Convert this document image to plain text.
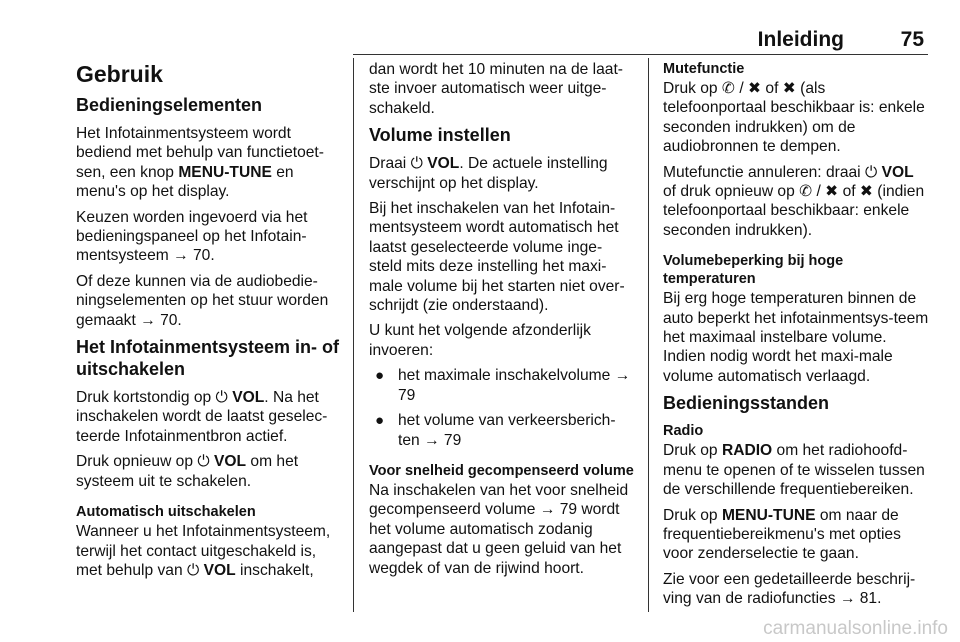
Inleiding	75
Gebruik
Bedieningselementen

Het Infotainmentsysteem wordt bediend met behulp van functietoet-sen, een knop MENU-TUNE en menu's op het display.

Keuzen worden ingevoerd via het bedieningspaneel op het Infotain-mentsysteem → 70.

Of deze kunnen via de audiobedie-ningselementen op het stuur worden gemaakt → 70.

Het Infotainmentsysteem in- of uitschakelen

Druk kortstondig op ⏻ VOL. Na het inschakelen wordt de laatst geselec-teerde Infotainmentbron actief.

Druk opnieuw op ⏻ VOL om het systeem uit te schakelen.

Automatisch uitschakelen

Wanneer u het Infotainmentsysteem, terwijl het contact uitgeschakeld is, met behulp van ⏻ VOL inschakelt,

dan wordt het 10 minuten na de laat-ste invoer automatisch weer uitge-schakeld.

Volume instellen

Draai ⏻ VOL. De actuele instelling verschijnt op het display.

Bij het inschakelen van het Infotain-mentsysteem wordt automatisch het laatst geselecteerde volume inge-steld mits deze instelling het maxi-male volume bij het starten niet over-schrijdt (zie onderstaand).

U kunt het volgende afzonderlijk invoeren:

● het maximale inschakelvolume → 79
● het volume van verkeersberich-ten → 79
Voor snelheid gecompenseerd volume

Na inschakelen van het voor snelheid gecompenseerd volume → 79 wordt het volume automatisch zodanig aangepast dat u geen geluid van het wegdek of van de rijwind hoort.

Mutefunctie

Druk op ✆ / ✖ of ✖ (als telefoonportaal beschikbaar is: enkele seconden indrukken) om de audiobronnen te dempen.

Mutefunctie annuleren: draai ⏻ VOL of druk opnieuw op ✆ / ✖ of ✖ (indien telefoonportaal beschikbaar: enkele seconden indrukken).

Volumebeperking bij hoge temperaturen

Bij erg hoge temperaturen binnen de auto beperkt het infotainmentsys-teem het maximaal instelbare volume. Indien nodig wordt het maxi-male volume automatisch verlaagd.

Bedieningsstanden
Radio

Druk op RADIO om het radiohoofd-menu te openen of te wisselen tussen de verschillende frequentiebereiken.

Druk op MENU-TUNE om naar de frequentiebereikmenu's met opties voor zenderselectie te gaan.

Zie voor een gedetailleerde beschrij-ving van de radiofuncties → 81.

carmanualsonline.info
